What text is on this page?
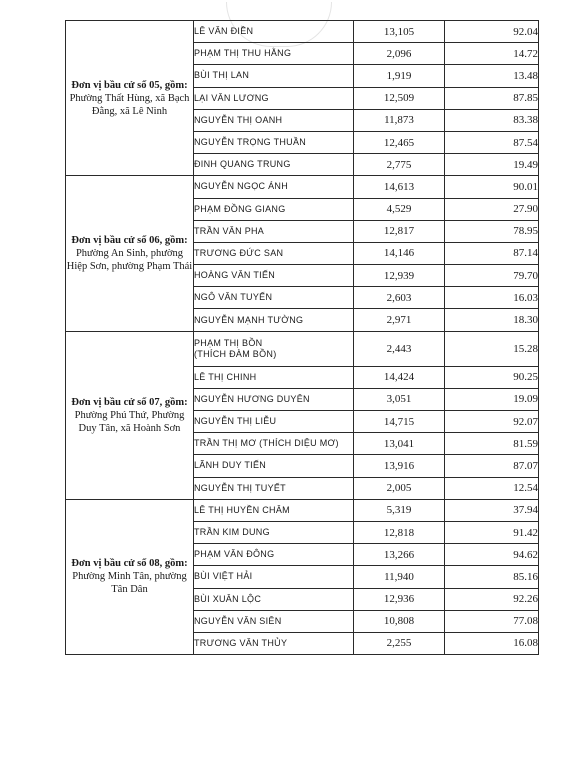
Đơn vị bầu cử số 05, gồm:
Phường Thất Hùng, xã Bạch Đằng, xã Lê Ninh	LÊ VĂN ĐIỀN	13,105	92.04
	PHẠM THỊ THU HẰNG	2,096	14.72
	BÙI THỊ LAN	1,919	13.48
	LẠI VĂN LƯƠNG	12,509	87.85
	NGUYỄN THỊ OANH	11,873	83.38
	NGUYỄN TRỌNG THUẦN	12,465	87.54
	ĐINH QUANG TRUNG	2,775	19.49

Đơn vị bầu cử số 06, gồm:
Phường An Sinh, phường Hiệp Sơn, phường Phạm Thái	NGUYỄN NGỌC ÁNH	14,613	90.01
	PHẠM ĐỒNG GIANG	4,529	27.90
	TRẦN VĂN PHA	12,817	78.95
	TRƯƠNG ĐỨC SAN	14,146	87.14
	HOÀNG VĂN TIẾN	12,939	79.70
	NGÔ VĂN TUYẾN	2,603	16.03
	NGUYỄN MẠNH TƯỜNG	2,971	18.30

Đơn vị bầu cử số 07, gồm:
Phường Phú Thứ, Phường Duy Tân, xã Hoành Sơn	PHẠM THỊ BỒN
(THÍCH ĐÀM BỒN)	2,443	15.28
	LÊ THỊ CHINH	14,424	90.25
	NGUYỄN HƯƠNG DUYÊN	3,051	19.09
	NGUYỄN THỊ LIỄU	14,715	92.07
	TRẦN THỊ MƠ (THÍCH DIỆU MƠ)	13,041	81.59
	LÃNH DUY TIẾN	13,916	87.07
	NGUYỄN THỊ TUYẾT	2,005	12.54

Đơn vị bầu cử số 08, gồm:
Phường Minh Tân, phường Tân Dân	LÊ THỊ HUYỀN CHÂM	5,319	37.94
	TRẦN KIM DUNG	12,818	91.42
	PHẠM VĂN ĐÔNG	13,266	94.62
	BÙI VIỆT HẢI	11,940	85.16
	BÙI XUÂN LỘC	12,936	92.26
	NGUYỄN VĂN SIÊN	10,808	77.08
	TRƯƠNG VĂN THỦY	2,255	16.08
